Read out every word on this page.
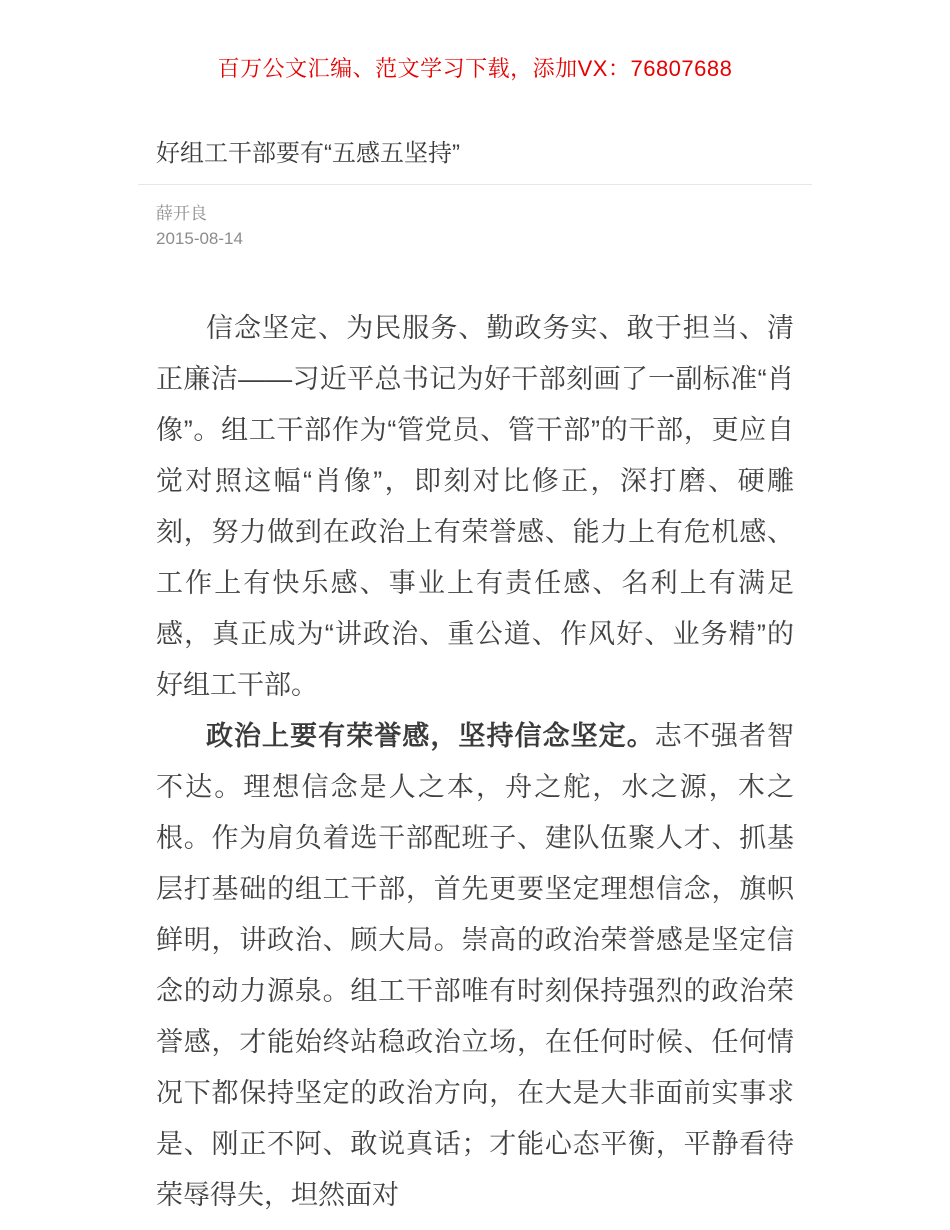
百万公文汇编、范文学习下载，添加VX：76807688
好组工干部要有“五感五坚持”
薛开良
2015-08-14

信念坚定、为民服务、勤政务实、敢于担当、清正廉洁——习近平总书记为好干部刻画了一副标准“肖像”。组工干部作为“管党员、管干部”的干部，更应自觉对照这幅“肖像”，即刻对比修正，深打磨、硬雕刻，努力做到在政治上有荣誉感、能力上有危机感、工作上有快乐感、事业上有责任感、名利上有满足感，真正成为“讲政治、重公道、作风好、业务精”的好组工干部。

政治上要有荣誉感，坚持信念坚定。志不强者智不达。理想信念是人之本，舟之舵，水之源，木之根。作为肩负着选干部配班子、建队伍聚人才、抓基层打基础的组工干部，首先更要坚定理想信念，旗帜鲜明，讲政治、顾大局。崇高的政治荣誉感是坚定信念的动力源泉。组工干部唯有时刻保持强烈的政治荣誉感，才能始终站稳政治立场，在任何时候、任何情况下都保持坚定的政治方向，在大是大非面前实事求是、刚正不阿、敢说真话；才能心态平衡，平静看待荣辱得失，坦然面对
